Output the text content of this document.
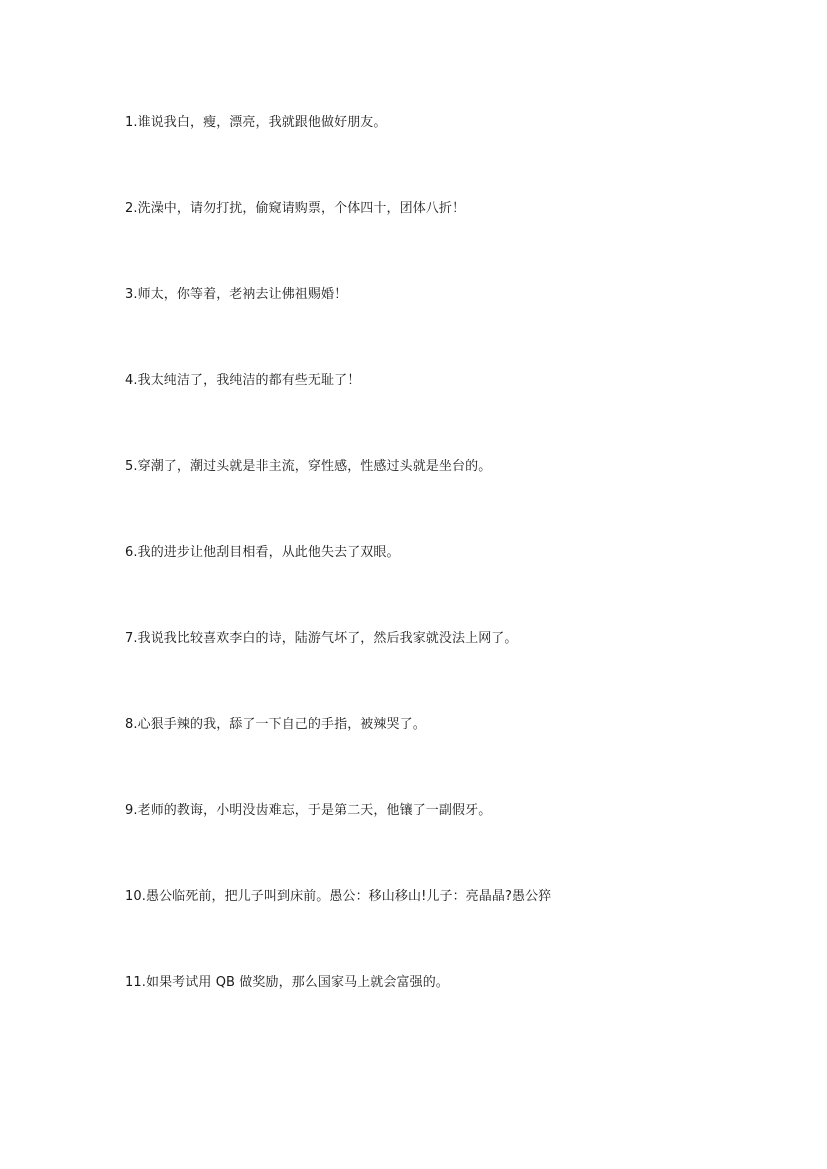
1.谁说我白，瘦，漂亮，我就跟他做好朋友。
2.洗澡中，请勿打扰，偷窥请购票，个体四十，团体八折！
3.师太，你等着，老衲去让佛祖赐婚！
4.我太纯洁了，我纯洁的都有些无耻了！
5.穿潮了，潮过头就是非主流，穿性感，性感过头就是坐台的。
6.我的进步让他刮目相看，从此他失去了双眼。
7.我说我比较喜欢李白的诗，陆游气坏了，然后我家就没法上网了。
8.心狠手辣的我，舔了一下自己的手指，被辣哭了。
9.老师的教诲，小明没齿难忘，于是第二天，他镶了一副假牙。
10.愚公临死前，把儿子叫到床前。愚公：移山移山!儿子：亮晶晶?愚公猝
11.如果考试用 QB 做奖励，那么国家马上就会富强的。
